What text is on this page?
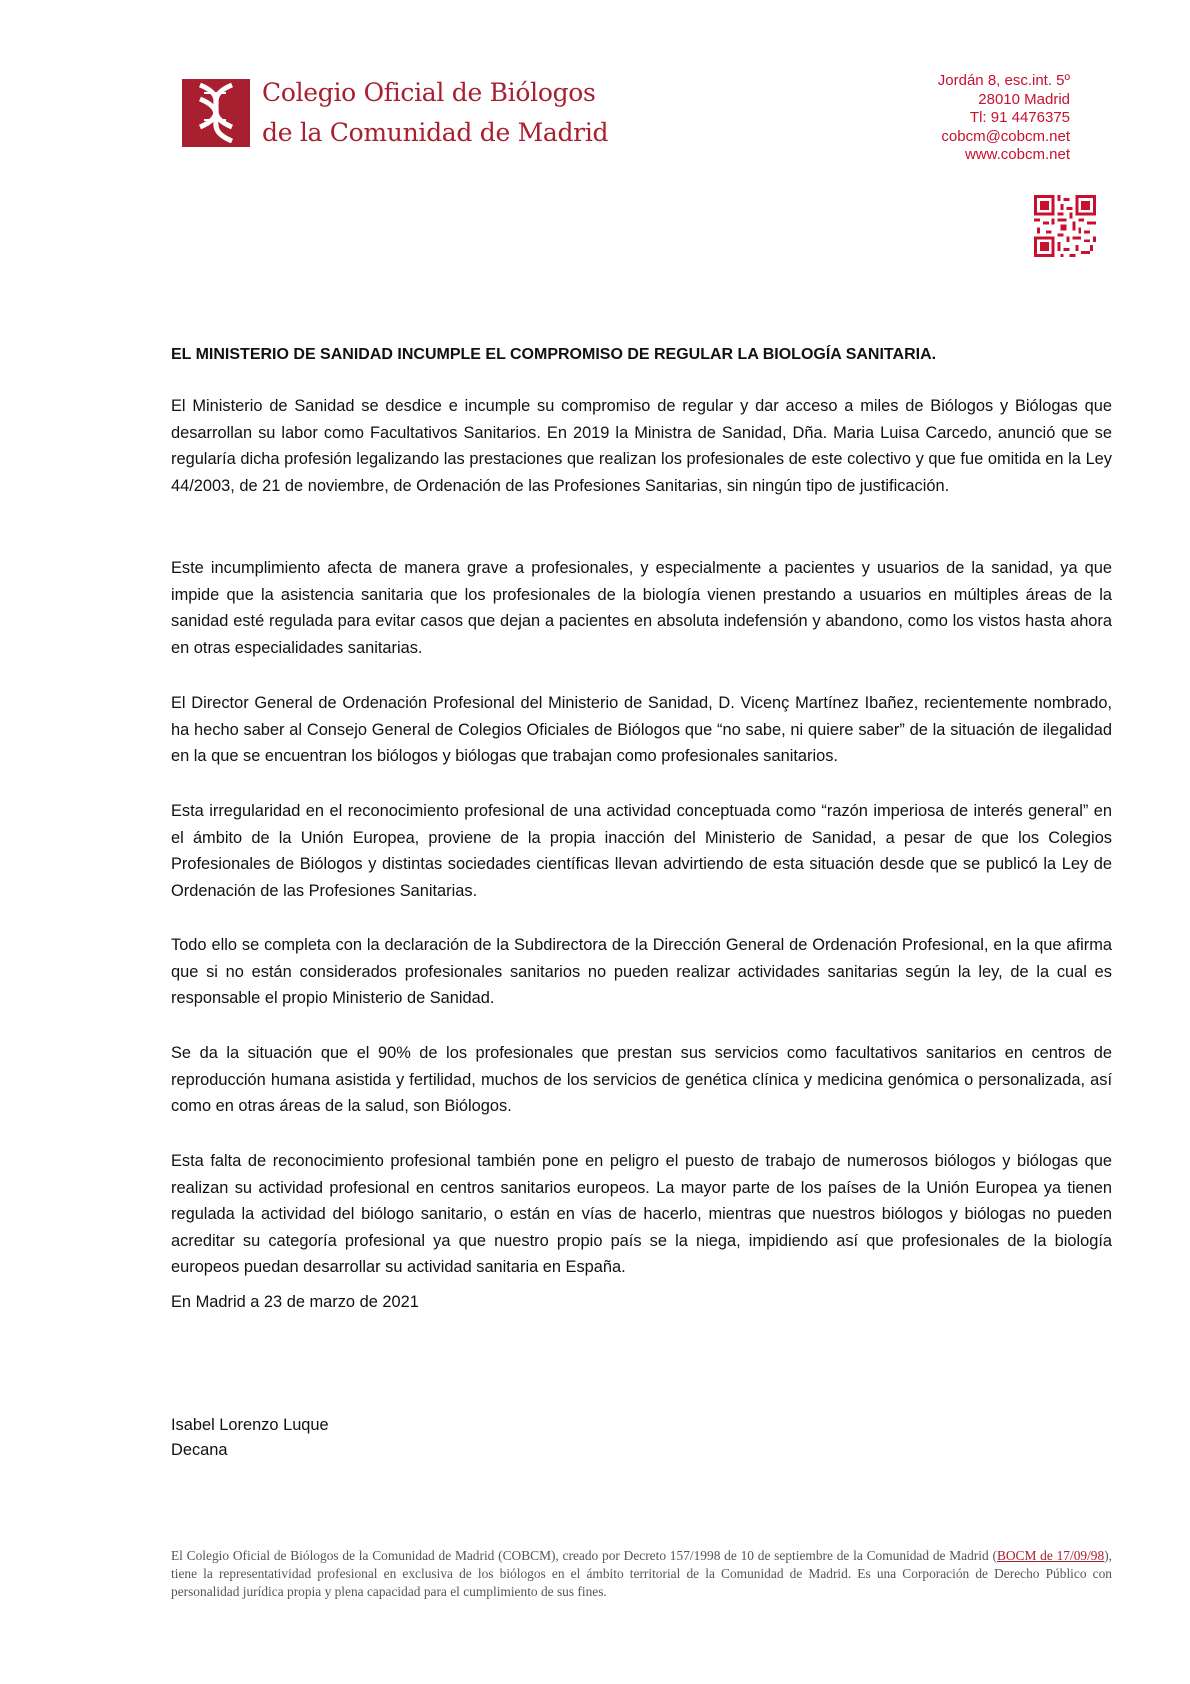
Colegio Oficial de Biólogos
de la Comunidad de Madrid
Jordán 8, esc.int. 5º
28010 Madrid
Tl: 91 4476375
cobcm@cobcm.net
www.cobcm.net
EL MINISTERIO DE SANIDAD INCUMPLE EL COMPROMISO DE REGULAR LA BIOLOGÍA SANITARIA.

El Ministerio de Sanidad se desdice e incumple su compromiso de regular y dar acceso a miles de Biólogos y Biólogas que desarrollan su labor como Facultativos Sanitarios. En 2019 la Ministra de Sanidad, Dña. Maria Luisa Carcedo, anunció que se regularía dicha profesión legalizando las prestaciones que realizan los profesionales de este colectivo y que fue omitida en la Ley 44/2003, de 21 de noviembre, de Ordenación de las Profesiones Sanitarias, sin ningún tipo de justificación.

Este incumplimiento afecta de manera grave a profesionales, y especialmente a pacientes y usuarios de la sanidad, ya que impide que la asistencia sanitaria que los profesionales de la biología vienen prestando a usuarios en múltiples áreas de la sanidad esté regulada para evitar casos que dejan a pacientes en absoluta indefensión y abandono, como los vistos hasta ahora en otras especialidades sanitarias.

El Director General de Ordenación Profesional del Ministerio de Sanidad, D. Vicenç Martínez Ibañez, recientemente nombrado, ha hecho saber al Consejo General de Colegios Oficiales de Biólogos que “no sabe, ni quiere saber” de la situación de ilegalidad en la que se encuentran los biólogos y biólogas que trabajan como profesionales sanitarios.

Esta irregularidad en el reconocimiento profesional de una actividad conceptuada como “razón imperiosa de interés general” en el ámbito de la Unión Europea, proviene de la propia inacción del Ministerio de Sanidad, a pesar de que los Colegios Profesionales de Biólogos y distintas sociedades científicas llevan advirtiendo de esta situación desde que se publicó la Ley de Ordenación de las Profesiones Sanitarias.

Todo ello se completa con la declaración de la Subdirectora de la Dirección General de Ordenación Profesional, en la que afirma que si no están considerados profesionales sanitarios no pueden realizar actividades sanitarias según la ley, de la cual es responsable el propio Ministerio de Sanidad.

Se da la situación que el 90% de los profesionales que prestan sus servicios como facultativos sanitarios en centros de reproducción humana asistida y fertilidad, muchos de los servicios de genética clínica y medicina genómica o personalizada, así como en otras áreas de la salud, son Biólogos.

Esta falta de reconocimiento profesional también pone en peligro el puesto de trabajo de numerosos biólogos y biólogas que realizan su actividad profesional en centros sanitarios europeos. La mayor parte de los países de la Unión Europea ya tienen regulada la actividad del biólogo sanitario, o están en vías de hacerlo, mientras que nuestros biólogos y biólogas no pueden acreditar su categoría profesional ya que nuestro propio país se la niega, impidiendo así que profesionales de la biología europeos puedan desarrollar su actividad sanitaria en España.

En Madrid a 23 de marzo de 2021
Isabel Lorenzo Luque
Decana
El Colegio Oficial de Biólogos de la Comunidad de Madrid (COBCM), creado por Decreto 157/1998 de 10 de septiembre de la Comunidad de Madrid (BOCM de 17/09/98), tiene la representatividad profesional en exclusiva de los biólogos en el ámbito territorial de la Comunidad de Madrid. Es una Corporación de Derecho Público con personalidad jurídica propia y plena capacidad para el cumplimiento de sus fines.
